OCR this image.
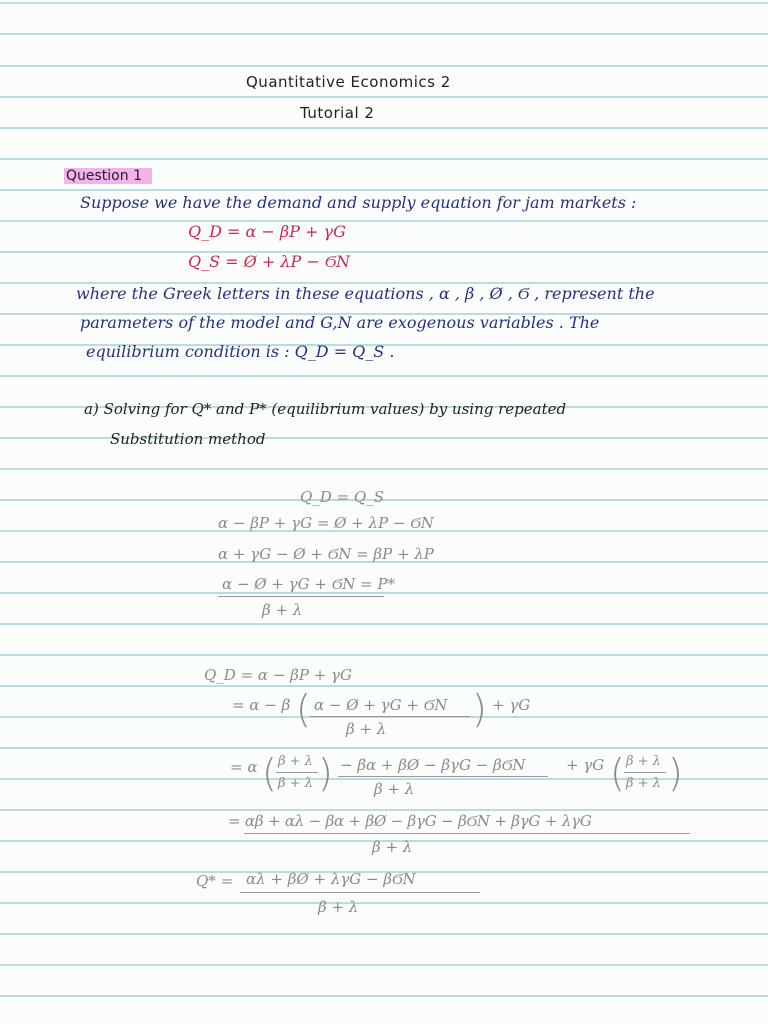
Quantitative Economics 2
Tutorial 2
Question 1
Suppose we have the demand and supply equation for jam markets :
Q_D = α − βP + γG
Q_S = Ø + λP − ϬN
where the Greek letters in these equations , α , β , Ø , Ϭ , represent the
parameters of the model and G,N are exogenous variables . The
equilibrium condition is : Q_D = Q_S .
a) Solving for Q* and P* (equilibrium values) by using repeated
Substitution method
Q_D = Q_S
α − βP + γG = Ø + λP − ϬN
α + γG − Ø + ϬN = βP + λP
α − Ø + γG + ϬN = P*
β + λ
Q_D = α − βP + γG
= α − β ( α − Ø + γG + ϬN
β + λ ) + γG
= α ( β + λ
β + λ ) − βα + βØ − βγG − βϬN
β + λ
+ γG ( β + λ
β + λ )
= αβ + αλ − βα + βØ − βγG − βϬN + βγG + λγG
β + λ
Q* = αλ + βØ + λγG − βϬN
β + λ
